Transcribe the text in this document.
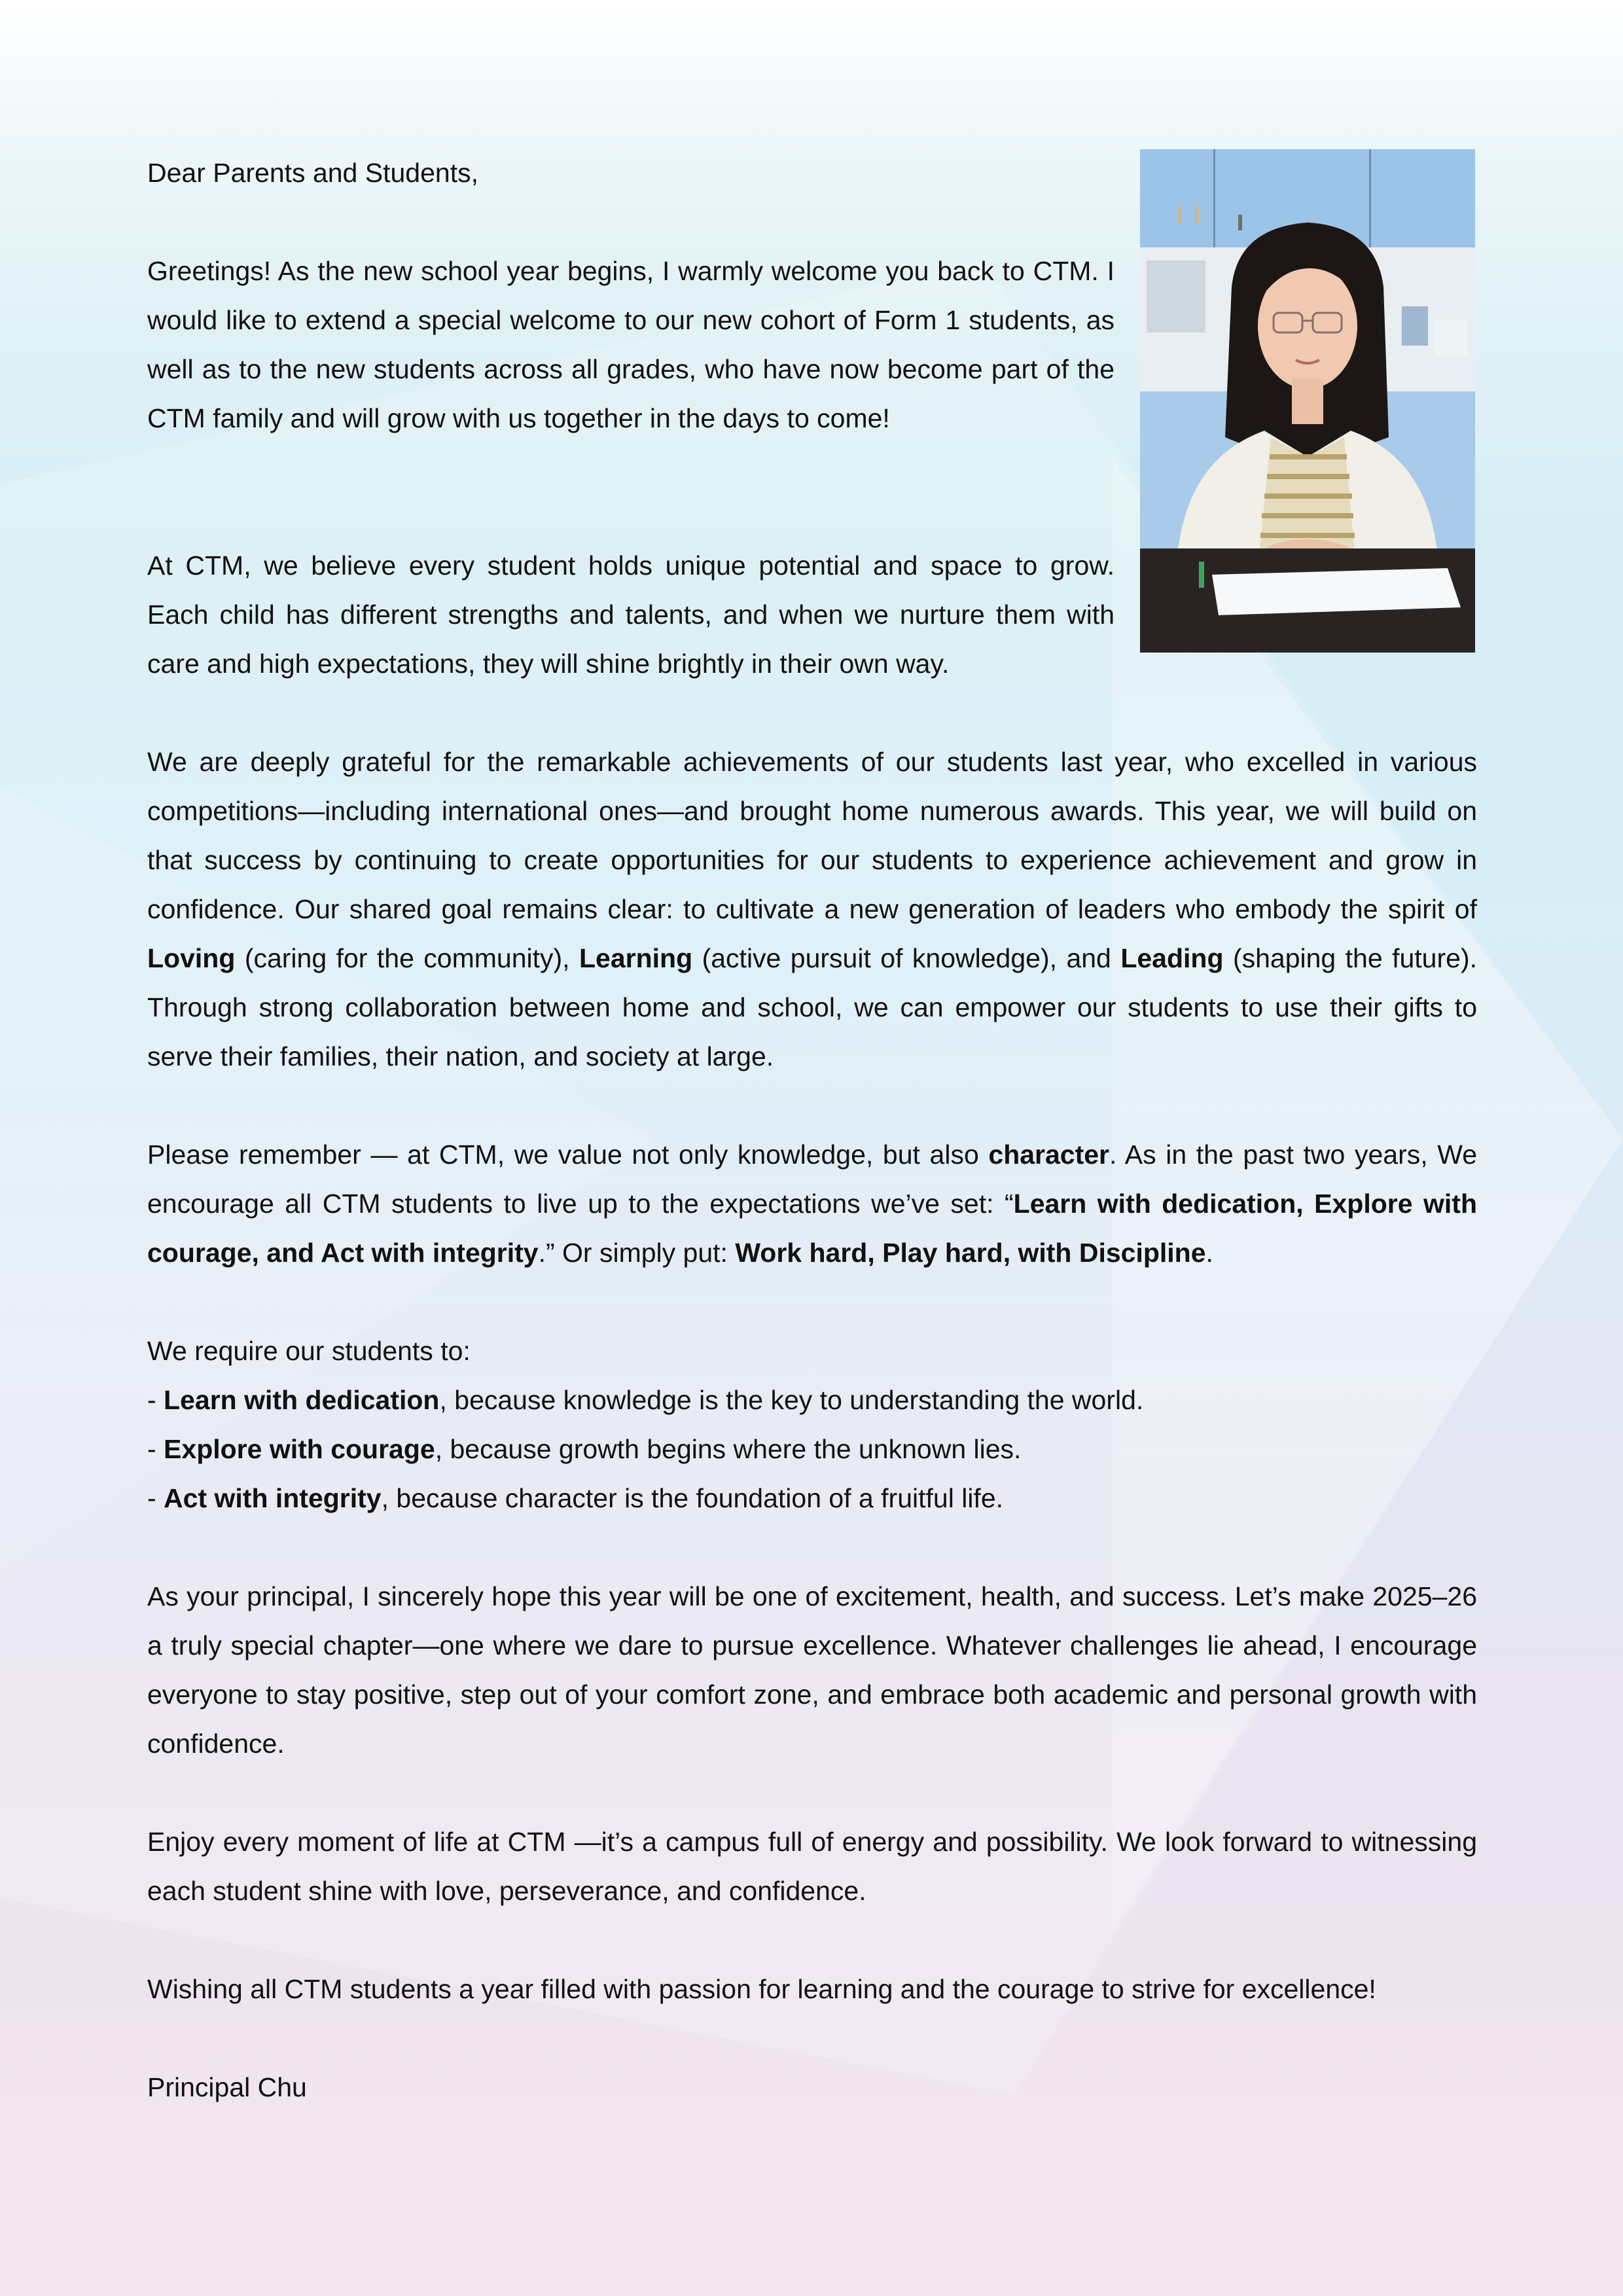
Dear Parents and Students,

Greetings! As the new school year begins, I warmly welcome you back to CTM. I would like to extend a special welcome to our new cohort of Form 1 students, as well as to the new students across all grades, who have now become part of the CTM family and will grow with us together in the days to come!

At CTM, we believe every student holds unique potential and space to grow. Each child has different strengths and talents, and when we nurture them with care and high expectations, they will shine brightly in their own way.

We are deeply grateful for the remarkable achievements of our students last year, who excelled in various competitions—including international ones—and brought home numerous awards. This year, we will build on that success by continuing to create opportunities for our students to experience achievement and grow in confidence. Our shared goal remains clear: to cultivate a new generation of leaders who embody the spirit of Loving (caring for the community), Learning (active pursuit of knowledge), and Leading (shaping the future). Through strong collaboration between home and school, we can empower our students to use their gifts to serve their families, their nation, and society at large.

Please remember — at CTM, we value not only knowledge, but also character. As in the past two years, We encourage all CTM students to live up to the expectations we’ve set: “Learn with dedication, Explore with courage, and Act with integrity.” Or simply put: Work hard, Play hard, with Discipline.

We require our students to:

- Learn with dedication, because knowledge is the key to understanding the world.

- Explore with courage, because growth begins where the unknown lies.

- Act with integrity, because character is the foundation of a fruitful life.

As your principal, I sincerely hope this year will be one of excitement, health, and success. Let’s make 2025–26 a truly special chapter—one where we dare to pursue excellence. Whatever challenges lie ahead, I encourage everyone to stay positive, step out of your comfort zone, and embrace both academic and personal growth with confidence.

Enjoy every moment of life at CTM —it’s a campus full of energy and possibility. We look forward to witnessing each student shine with love, perseverance, and confidence.

Wishing all CTM students a year filled with passion for learning and the courage to strive for excellence!

Principal Chu
